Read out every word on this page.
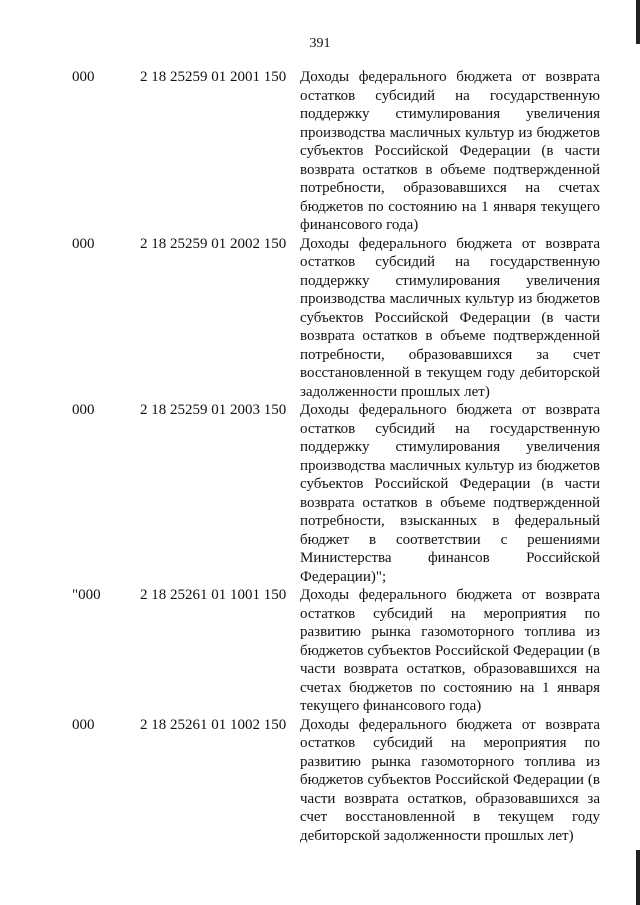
391
000	2 18 25259 01 2001 150 Доходы федерального бюджета от возврата
остатков субсидий на государственную
поддержку стимулирования увеличения
производства масличных культур из бюджетов
субъектов Российской Федерации (в части
возврата остатков в объеме подтвержденной
потребности, образовавшихся на счетах
бюджетов по состоянию на 1 января текущего
финансового года)
000	2 18 25259 01 2002 150 Доходы федерального бюджета от возврата
остатков субсидий на государственную
поддержку стимулирования увеличения
производства масличных культур из бюджетов
субъектов Российской Федерации (в части
возврата остатков в объеме подтвержденной
потребности, образовавшихся за счет
восстановленной в текущем году дебиторской
задолженности прошлых лет)
000	2 18 25259 01 2003 150 Доходы федерального бюджета от возврата
остатков субсидий на государственную
поддержку стимулирования увеличения
производства масличных культур из бюджетов
субъектов Российской Федерации (в части
возврата остатков в объеме подтвержденной
потребности, взысканных в федеральный
бюджет в соответствии с решениями
Министерства финансов Российской
Федерации)";
"000	2 18 25261 01 1001 150 Доходы федерального бюджета от возврата
остатков субсидий на мероприятия по
развитию рынка газомоторного топлива из
бюджетов субъектов Российской Федерации (в
части возврата остатков, образовавшихся на
счетах бюджетов по состоянию на 1 января
текущего финансового года)
000	2 18 25261 01 1002 150 Доходы федерального бюджета от возврата
остатков субсидий на мероприятия по
развитию рынка газомоторного топлива из
бюджетов субъектов Российской Федерации (в
части возврата остатков, образовавшихся за
счет восстановленной в текущем году
дебиторской задолженности прошлых лет)
